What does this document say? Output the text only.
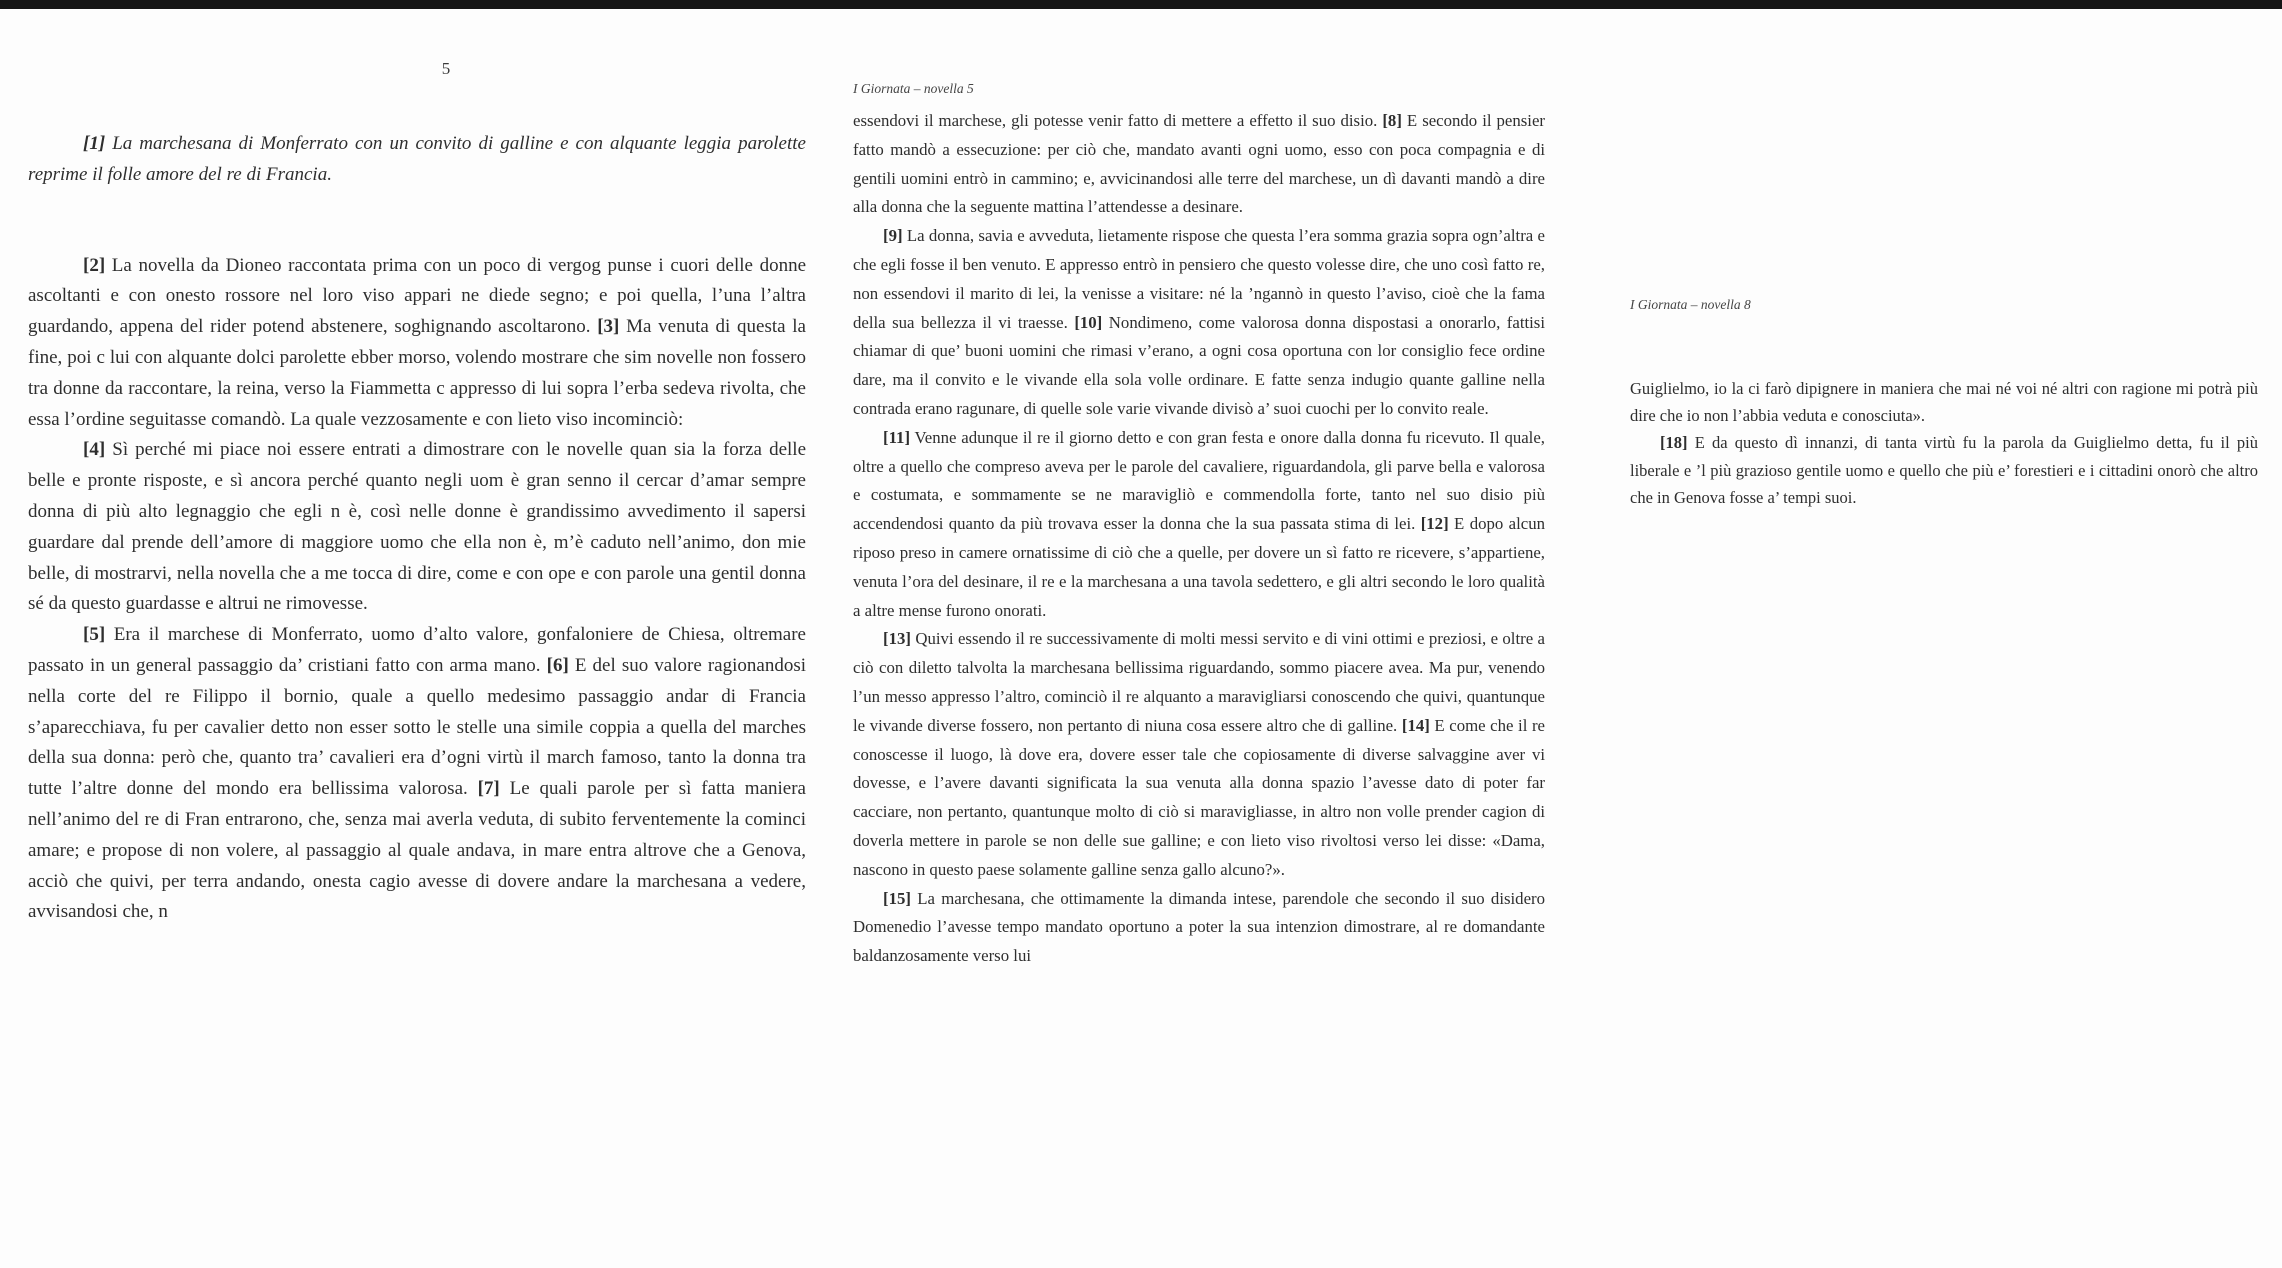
5

[1] La marchesana di Monferrato con un convito di galline e con alquante leggia parolette reprime il folle amore del re di Francia.

[2] La novella da Dioneo raccontata prima con un poco di vergog punse i cuori delle donne ascoltanti e con onesto rossore nel loro viso appari ne diede segno; e poi quella, l’una l’altra guardando, appena del rider potend abstenere, soghignando ascoltarono. [3] Ma venuta di questa la fine, poi c lui con alquante dolci parolette ebber morso, volendo mostrare che sim novelle non fossero tra donne da raccontare, la reina, verso la Fiammetta c appresso di lui sopra l’erba sedeva rivolta, che essa l’ordine seguitasse comandò. La quale vezzosamente e con lieto viso incominciò:

[4] Sì perché mi piace noi essere entrati a dimostrare con le novelle quan sia la forza delle belle e pronte risposte, e sì ancora perché quanto negli uom è gran senno il cercar d’amar sempre donna di più alto legnaggio che egli n è, così nelle donne è grandissimo avvedimento il sapersi guardare dal prende dell’amore di maggiore uomo che ella non è, m’è caduto nell’animo, don mie belle, di mostrarvi, nella novella che a me tocca di dire, come e con ope e con parole una gentil donna sé da questo guardasse e altrui ne rimovesse.

[5] Era il marchese di Monferrato, uomo d’alto valore, gonfaloniere de Chiesa, oltremare passato in un general passaggio da’ cristiani fatto con arma mano. [6] E del suo valore ragionandosi nella corte del re Filippo il bornio, quale a quello medesimo passaggio andar di Francia s’aparecchiava, fu per cavalier detto non esser sotto le stelle una simile coppia a quella del marches della sua donna: però che, quanto tra’ cavalieri era d’ogni virtù il march famoso, tanto la donna tra tutte l’altre donne del mondo era bellissima valorosa. [7] Le quali parole per sì fatta maniera nell’animo del re di Fran entrarono, che, senza mai averla veduta, di subito ferventemente la cominci amare; e propose di non volere, al passaggio al quale andava, in mare entra altrove che a Genova, acciò che quivi, per terra andando, onesta cagio avesse di dovere andare la marchesana a vedere, avvisandosi che, n

I Giornata – novella 5

essendovi il marchese, gli potesse venir fatto di mettere a effetto il suo disio. [8] E secondo il pensier fatto mandò a essecuzione: per ciò che, mandato avanti ogni uomo, esso con poca compagnia e di gentili uomini entrò in cammino; e, avvicinandosi alle terre del marchese, un dì davanti mandò a dire alla donna che la seguente mattina l’attendesse a desinare.

[9] La donna, savia e avveduta, lietamente rispose che questa l’era somma grazia sopra ogn’altra e che egli fosse il ben venuto. E appresso entrò in pensiero che questo volesse dire, che uno così fatto re, non essendovi il marito di lei, la venisse a visitare: né la ’ngannò in questo l’aviso, cioè che la fama della sua bellezza il vi traesse. [10] Nondimeno, come valorosa donna dispostasi a onorarlo, fattisi chiamar di que’ buoni uomini che rimasi v’erano, a ogni cosa oportuna con lor consiglio fece ordine dare, ma il convito e le vivande ella sola volle ordinare. E fatte senza indugio quante galline nella contrada erano ragunare, di quelle sole varie vivande divisò a’ suoi cuochi per lo convito reale.

[11] Venne adunque il re il giorno detto e con gran festa e onore dalla donna fu ricevuto. Il quale, oltre a quello che compreso aveva per le parole del cavaliere, riguardandola, gli parve bella e valorosa e costumata, e sommamente se ne maravigliò e commendolla forte, tanto nel suo disio più accendendosi quanto da più trovava esser la donna che la sua passata stima di lei. [12] E dopo alcun riposo preso in camere ornatissime di ciò che a quelle, per dovere un sì fatto re ricevere, s’appartiene, venuta l’ora del desinare, il re e la marchesana a una tavola sedettero, e gli altri secondo le loro qualità a altre mense furono onorati.

[13] Quivi essendo il re successivamente di molti messi servito e di vini ottimi e preziosi, e oltre a ciò con diletto talvolta la marchesana bellissima riguardando, sommo piacere avea. Ma pur, venendo l’un messo appresso l’altro, cominciò il re alquanto a maravigliarsi conoscendo che quivi, quantunque le vivande diverse fossero, non pertanto di niuna cosa essere altro che di galline. [14] E come che il re conoscesse il luogo, là dove era, dovere esser tale che copiosamente di diverse salvaggine aver vi dovesse, e l’avere davanti significata la sua venuta alla donna spazio l’avesse dato di poter far cacciare, non pertanto, quantunque molto di ciò si maravigliasse, in altro non volle prender cagion di doverla mettere in parole se non delle sue galline; e con lieto viso rivoltosi verso lei disse: «Dama, nascono in questo paese solamente galline senza gallo alcuno?».

[15] La marchesana, che ottimamente la dimanda intese, parendole che secondo il suo disidero Domenedio l’avesse tempo mandato oportuno a poter la sua intenzion dimostrare, al re domandante baldanzosamente verso lui

I Giornata – novella 8

Guiglielmo, io la ci farò dipignere in maniera che mai né voi né altri con ragione mi potrà più dire che io non l’abbia veduta e conosciuta».

[18] E da questo dì innanzi, di tanta virtù fu la parola da Guiglielmo detta, fu il più liberale e ’l più grazioso gentile uomo e quello che più e’ forestieri e i cittadini onorò che altro che in Genova fosse a’ tempi suoi.
